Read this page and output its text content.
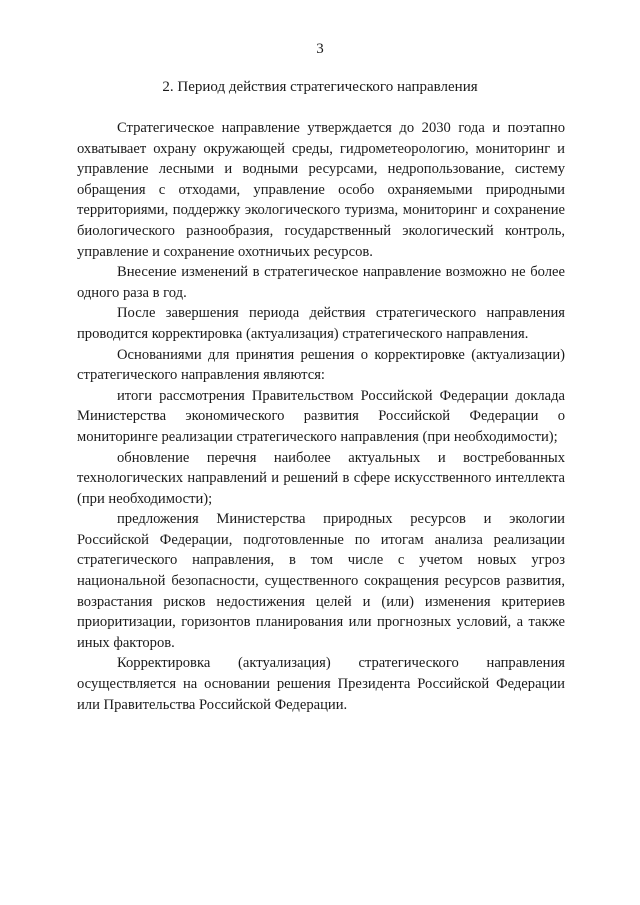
3
2. Период действия стратегического направления

Стратегическое направление утверждается до 2030 года и поэтапно охватывает охрану окружающей среды, гидрометеорологию, мониторинг и управление лесными и водными ресурсами, недропользование, систему обращения с отходами, управление особо охраняемыми природными территориями, поддержку экологического туризма, мониторинг и сохранение биологического разнообразия, государственный экологический контроль, управление и сохранение охотничьих ресурсов.

Внесение изменений в стратегическое направление возможно не более одного раза в год.

После завершения периода действия стратегического направления проводится корректировка (актуализация) стратегического направления.

Основаниями для принятия решения о корректировке (актуализации) стратегического направления являются:

итоги рассмотрения Правительством Российской Федерации доклада Министерства экономического развития Российской Федерации о мониторинге реализации стратегического направления (при необходимости);

обновление перечня наиболее актуальных и востребованных технологических направлений и решений в сфере искусственного интеллекта (при необходимости);

предложения Министерства природных ресурсов и экологии Российской Федерации, подготовленные по итогам анализа реализации стратегического направления, в том числе с учетом новых угроз национальной безопасности, существенного сокращения ресурсов развития, возрастания рисков недостижения целей и (или) изменения критериев приоритизации, горизонтов планирования или прогнозных условий, а также иных факторов.

Корректировка (актуализация) стратегического направления осуществляется на основании решения Президента Российской Федерации или Правительства Российской Федерации.
